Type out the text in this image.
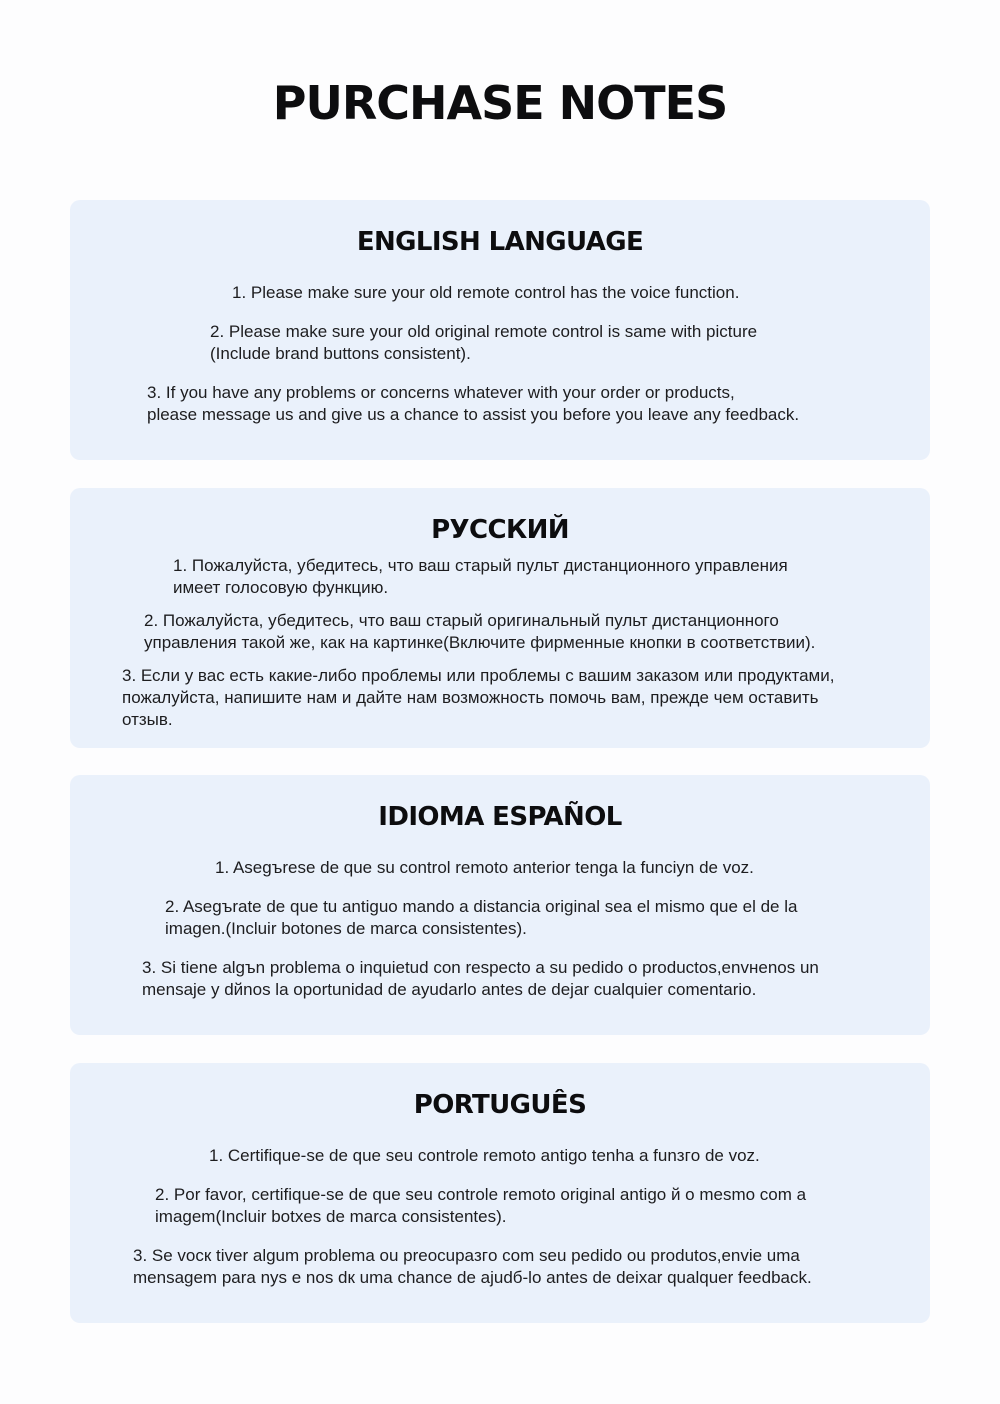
PURCHASE NOTES
ENGLISH LANGUAGE

1. Please make sure your old remote control has the voice function.

2. Please make sure your old original remote control is same with picture
(Include brand buttons consistent).

3. If you have any problems or concerns whatever with your order or products,
please message us and give us a chance to assist you before you leave any feedback.

РУССКИЙ

1. Пожалуйста, убедитесь, что ваш старый пульт дистанционного управления
имеет голосовую функцию.

2. Пожалуйста, убедитесь, что ваш старый оригинальный пульт дистанционного
управления такой же, как на картинке(Включите фирменные кнопки в соответствии).

3. Если у вас есть какие-либо проблемы или проблемы с вашим заказом или продуктами,
пожалуйста, напишите нам и дайте нам возможность помочь вам, прежде чем оставить
отзыв.

IDIOMA ESPAÑOL

1. Asegъrese de que su control remoto anterior tenga la funciуn de voz.

2. Asegъrate de que tu antiguo mando a distancia original sea el mismo que el de la
imagen.(Incluir botones de marca consistentes).

3. Si tiene algъn problema o inquietud con respecto a su pedido o productos,envнenos un
mensaje y dйnos la oportunidad de ayudarlo antes de dejar cualquier comentario.

PORTUGUÊS

1. Certifique-se de que seu controle remoto antigo tenha a funзгo de voz.

2. Por favor, certifique-se de que seu controle remoto original antigo й o mesmo com a
imagem(Incluir botхes de marca consistentes).

3. Se vocк tiver algum problema ou preocupaзгo com seu pedido ou produtos,envie uma
mensagem para nуs e nos dк uma chance de ajudб-lo antes de deixar qualquer feedback.
